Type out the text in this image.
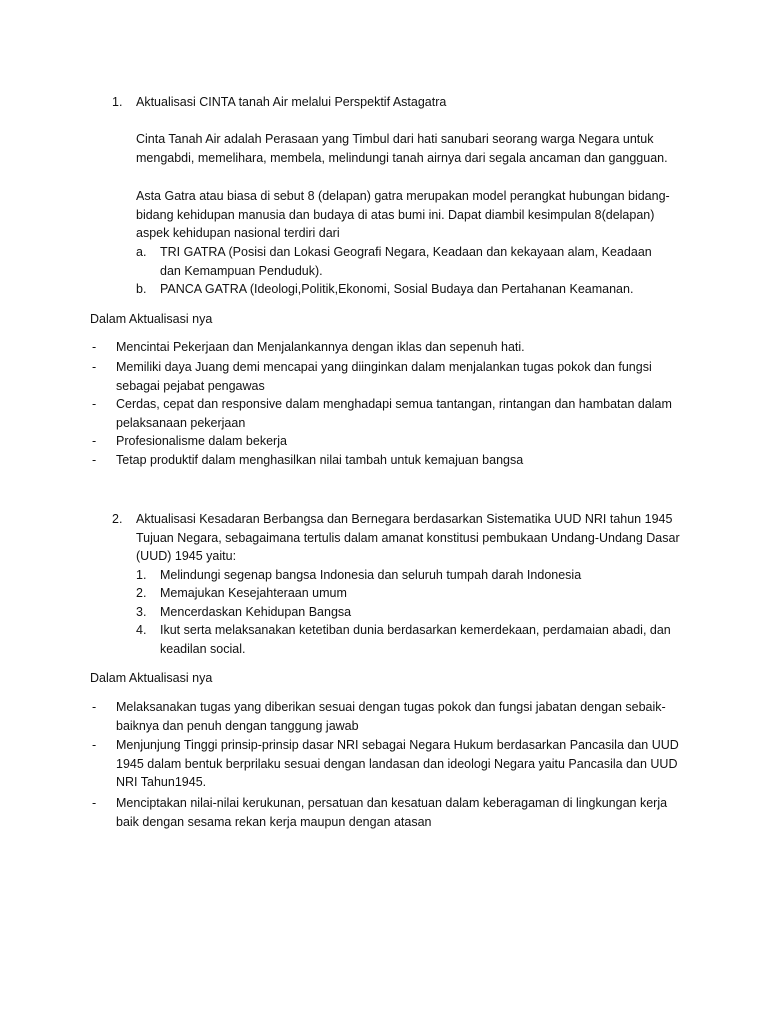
1. Aktualisasi CINTA tanah Air melalui Perspektif Astagatra

Cinta Tanah Air adalah Perasaan yang Timbul dari hati sanubari seorang warga Negara untuk mengabdi, memelihara, membela, melindungi tanah airnya dari segala ancaman dan gangguan.

Asta Gatra atau biasa di sebut 8 (delapan) gatra merupakan model perangkat hubungan bidang-bidang kehidupan manusia dan budaya di atas bumi ini. Dapat diambil kesimpulan 8(delapan) aspek kehidupan nasional terdiri dari

a. TRI GATRA (Posisi dan Lokasi Geografi Negara, Keadaan dan kekayaan alam, Keadaan dan Kemampuan Penduduk).

b. PANCA GATRA (Ideologi,Politik,Ekonomi, Sosial Budaya dan Pertahanan Keamanan.

Dalam Aktualisasi nya

- Mencintai Pekerjaan dan Menjalankannya dengan iklas dan sepenuh hati.

- Memiliki daya Juang demi mencapai yang diinginkan dalam menjalankan tugas pokok dan fungsi sebagai pejabat pengawas

- Cerdas, cepat dan responsive dalam menghadapi semua tantangan, rintangan dan hambatan dalam pelaksanaan pekerjaan

- Profesionalisme dalam bekerja

- Tetap produktif dalam menghasilkan nilai tambah untuk kemajuan bangsa

2. Aktualisasi Kesadaran Berbangsa dan Bernegara berdasarkan Sistematika UUD NRI tahun 1945 Tujuan Negara, sebagaimana tertulis dalam amanat konstitusi pembukaan Undang-Undang Dasar (UUD) 1945 yaitu:

1. Melindungi segenap bangsa Indonesia dan seluruh tumpah darah Indonesia

2. Memajukan Kesejahteraan umum

3. Mencerdaskan Kehidupan Bangsa

4. Ikut serta melaksanakan ketetiban dunia berdasarkan kemerdekaan, perdamaian abadi, dan keadilan social.

Dalam Aktualisasi nya

- Melaksanakan tugas yang diberikan sesuai dengan tugas pokok dan fungsi jabatan dengan sebaik-baiknya dan penuh dengan tanggung jawab

- Menjunjung Tinggi prinsip-prinsip dasar NRI sebagai Negara Hukum berdasarkan Pancasila dan UUD 1945 dalam bentuk berprilaku sesuai dengan landasan dan ideologi Negara yaitu Pancasila dan UUD NRI Tahun1945.

- Menciptakan nilai-nilai kerukunan, persatuan dan kesatuan dalam keberagaman di lingkungan kerja baik dengan sesama rekan kerja maupun dengan atasan
